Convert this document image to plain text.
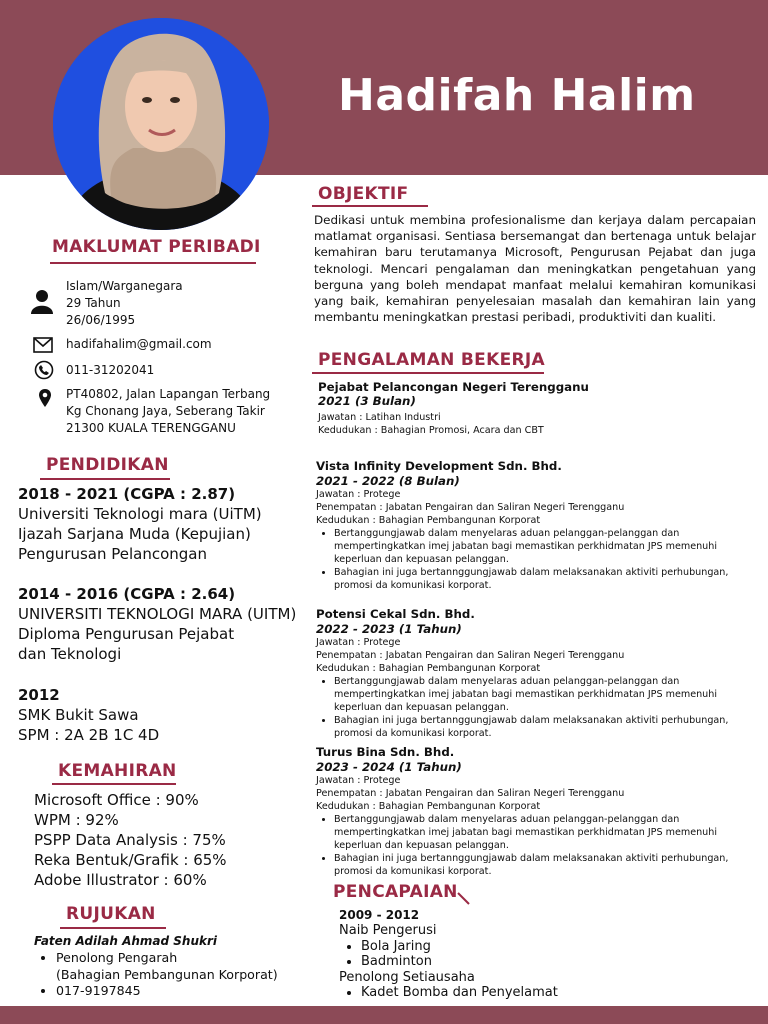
Hadifah Halim
MAKLUMAT PERIBADI
Islam/Warganegara
29 Tahun
26/06/1995
hadifahalim@gmail.com
011-31202041
PT40802, Jalan Lapangan Terbang
Kg Chonang Jaya, Seberang Takir
21300 KUALA TERENGGANU
PENDIDIKAN
2018 - 2021 (CGPA : 2.87)
Universiti Teknologi mara (UiTM)
Ijazah Sarjana Muda (Kepujian)
Pengurusan Pelancongan
2014 - 2016 (CGPA : 2.64)
UNIVERSITI TEKNOLOGI MARA (UITM)
Diploma Pengurusan Pejabat
dan Teknologi
2012
SMK Bukit Sawa
SPM : 2A 2B 1C 4D
KEMAHIRAN
Microsoft Office : 90%
WPM : 92%
PSPP Data Analysis : 75%
Reka Bentuk/Grafik : 65%
Adobe Illustrator : 60%
RUJUKAN
Faten Adilah Ahmad Shukri
• Penolong Pengarah
(Bahagian Pembangunan Korporat)
• 017-9197845
OBJEKTIF
Dedikasi untuk membina profesionalisme dan kerjaya dalam percapaian matlamat organisasi. Sentiasa bersemangat dan bertenaga untuk belajar kemahiran baru terutamanya Microsoft, Pengurusan Pejabat dan juga teknologi. Mencari pengalaman dan meningkatkan pengetahuan yang berguna yang boleh mendapat manfaat melalui kemahiran komunikasi yang baik, kemahiran penyelesaian masalah dan kemahiran lain yang membantu meningkatkan prestasi peribadi, produktiviti dan kualiti.
PENGALAMAN BEKERJA
Pejabat Pelancongan Negeri Terengganu
2021 (3 Bulan)
Jawatan : Latihan Industri
Kedudukan : Bahagian Promosi, Acara dan CBT
Vista Infinity Development Sdn. Bhd.
2021 - 2022 (8 Bulan)
Jawatan : Protege
Penempatan : Jabatan Pengairan dan Saliran Negeri Terengganu
Kedudukan : Bahagian Pembangunan Korporat
• Bertanggungjawab dalam menyelaras aduan pelanggan-pelanggan dan mempertingkatkan imej jabatan bagi memastikan perkhidmatan JPS memenuhi keperluan dan kepuasan pelanggan.
• Bahagian ini juga bertannggungjawab dalam melaksanakan aktiviti perhubungan, promosi da komunikasi korporat.
Potensi Cekal Sdn. Bhd.
2022 - 2023 (1 Tahun)
Jawatan : Protege
Penempatan : Jabatan Pengairan dan Saliran Negeri Terengganu
Kedudukan : Bahagian Pembangunan Korporat
• Bertanggungjawab dalam menyelaras aduan pelanggan-pelanggan dan mempertingkatkan imej jabatan bagi memastikan perkhidmatan JPS memenuhi keperluan dan kepuasan pelanggan.
• Bahagian ini juga bertannggungjawab dalam melaksanakan aktiviti perhubungan, promosi da komunikasi korporat.
Turus Bina Sdn. Bhd.
2023 - 2024 (1 Tahun)
Jawatan : Protege
Penempatan : Jabatan Pengairan dan Saliran Negeri Terengganu
Kedudukan : Bahagian Pembangunan Korporat
• Bertanggungjawab dalam menyelaras aduan pelanggan-pelanggan dan mempertingkatkan imej jabatan bagi memastikan perkhidmatan JPS memenuhi keperluan dan kepuasan pelanggan.
• Bahagian ini juga bertannggungjawab dalam melaksanakan aktiviti perhubungan, promosi da komunikasi korporat.
PENCAPAIAN
2009 - 2012
Naib Pengerusi
• Bola Jaring
• Badminton
Penolong Setiausaha
• Kadet Bomba dan Penyelamat
